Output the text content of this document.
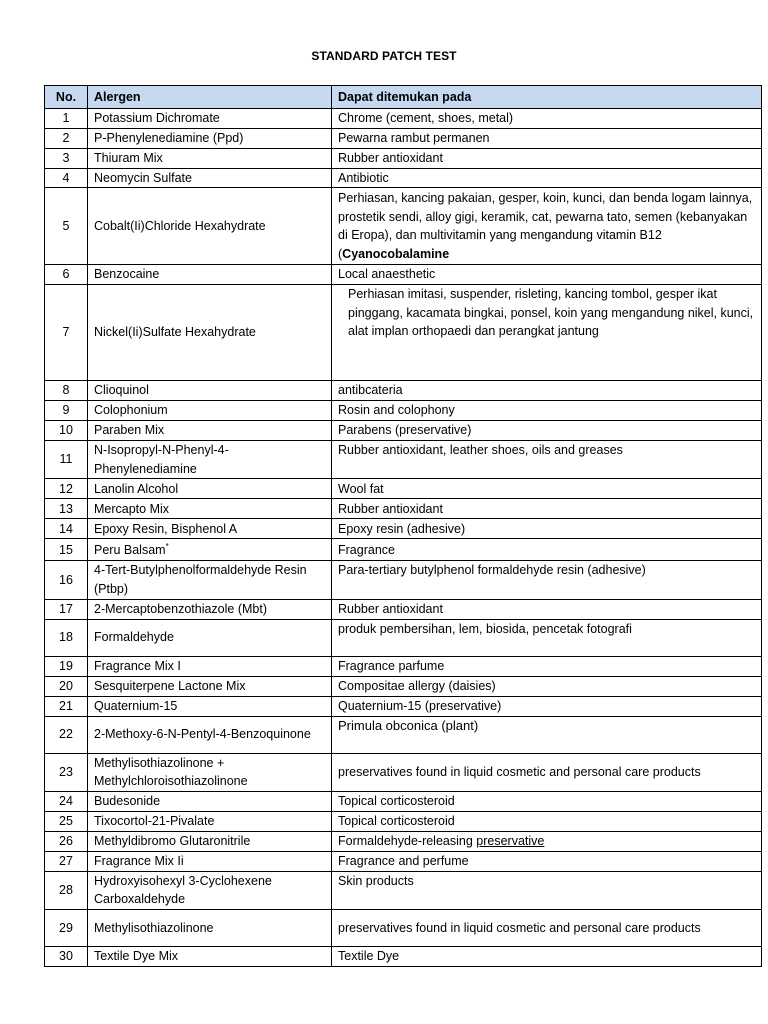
STANDARD PATCH TEST
No.	Alergen	Dapat ditemukan pada
1	Potassium Dichromate	Chrome (cement, shoes, metal)
2	P-Phenylenediamine (Ppd)	Pewarna rambut permanen
3	Thiuram Mix	Rubber antioxidant
4	Neomycin Sulfate	Antibiotic
5	Cobalt(Ii)Chloride Hexahydrate	Perhiasan, kancing pakaian, gesper, koin, kunci, dan benda logam lainnya, prostetik sendi, alloy gigi, keramik, cat, pewarna tato, semen (kebanyakan di Eropa), dan multivitamin yang mengandung vitamin B12 (Cyanocobalamine
6	Benzocaine	Local anaesthetic
7	Nickel(Ii)Sulfate Hexahydrate	Perhiasan imitasi, suspender, risleting, kancing tombol, gesper ikat pinggang, kacamata bingkai, ponsel, koin yang mengandung nikel, kunci, alat implan orthopaedi dan perangkat jantung

8	Clioquinol	antibcateria
9	Colophonium	Rosin and colophony
10	Paraben Mix	Parabens (preservative)
11	N-Isopropyl-N-Phenyl-4-Phenylenediamine	Rubber antioxidant, leather shoes, oils and greases
12	Lanolin Alcohol	Wool fat
13	Mercapto Mix	Rubber antioxidant
14	Epoxy Resin, Bisphenol A	Epoxy resin (adhesive)
15	Peru Balsam*	Fragrance
16	4-Tert-Butylphenolformaldehyde Resin (Ptbp)	Para-tertiary butylphenol formaldehyde resin (adhesive)
17	2-Mercaptobenzothiazole (Mbt)	Rubber antioxidant
18	Formaldehyde	produk pembersihan, lem, biosida, pencetak fotografi
19	Fragrance Mix I	Fragrance parfume
20	Sesquiterpene Lactone Mix	Compositae allergy (daisies)
21	Quaternium-15	Quaternium-15 (preservative)
22	2-Methoxy-6-N-Pentyl-4-Benzoquinone	Primula obconica (plant)
23	Methylisothiazolinone + Methylchloroisothiazolinone	preservatives found in liquid cosmetic and personal care products
24	Budesonide	Topical corticosteroid
25	Tixocortol-21-Pivalate	Topical corticosteroid
26	Methyldibromo Glutaronitrile	Formaldehyde-releasing preservative
27	Fragrance Mix Ii	Fragrance and perfume
28	Hydroxyisohexyl 3-Cyclohexene Carboxaldehyde	Skin products
29	Methylisothiazolinone	preservatives found in liquid cosmetic and personal care products
30	Textile Dye Mix	Textile Dye
